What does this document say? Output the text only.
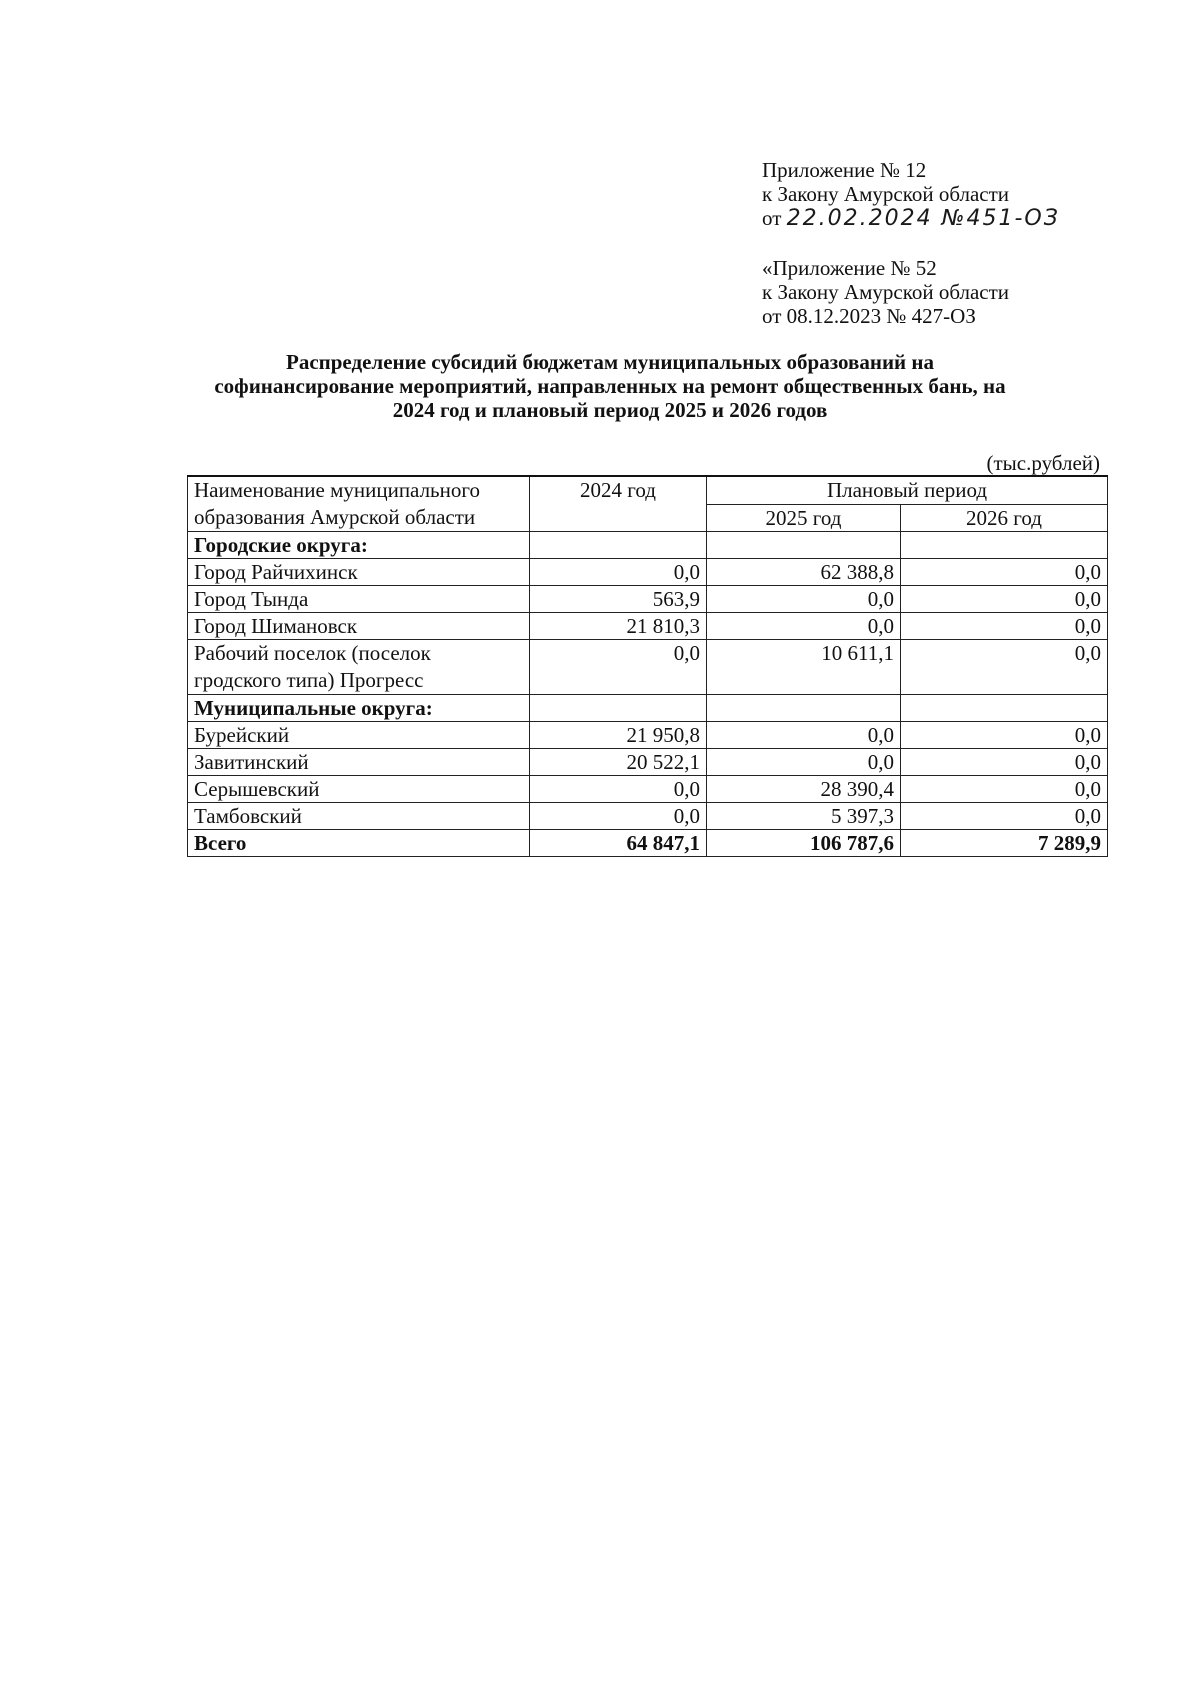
Приложение № 12
к Закону Амурской области
от 22.02.2024 №451-ОЗ
«Приложение № 52
к Закону Амурской области
от 08.12.2023 № 427-ОЗ
Распределение субсидий бюджетам муниципальных образований на
софинансирование мероприятий, направленных на ремонт общественных бань, на
2024 год и плановый период 2025 и 2026 годов
(тыс.рублей)
Наименование муниципального
образования Амурской области	2024 год	Плановый период	
		2025 год	2026 год
Городские округа:			
Город Райчихинск	0,0	62 388,8	0,0
Город Тында	563,9	0,0	0,0
Город Шимановск	21 810,3	0,0	0,0
Рабочий поселок (поселок гродского типа) Прогресс	0,0	10 611,1	0,0
Муниципальные округа:			
Бурейский	21 950,8	0,0	0,0
Завитинский	20 522,1	0,0	0,0
Серышевский	0,0	28 390,4	0,0
Тамбовский	0,0	5 397,3	0,0
Всего	64 847,1	106 787,6	7 289,9
